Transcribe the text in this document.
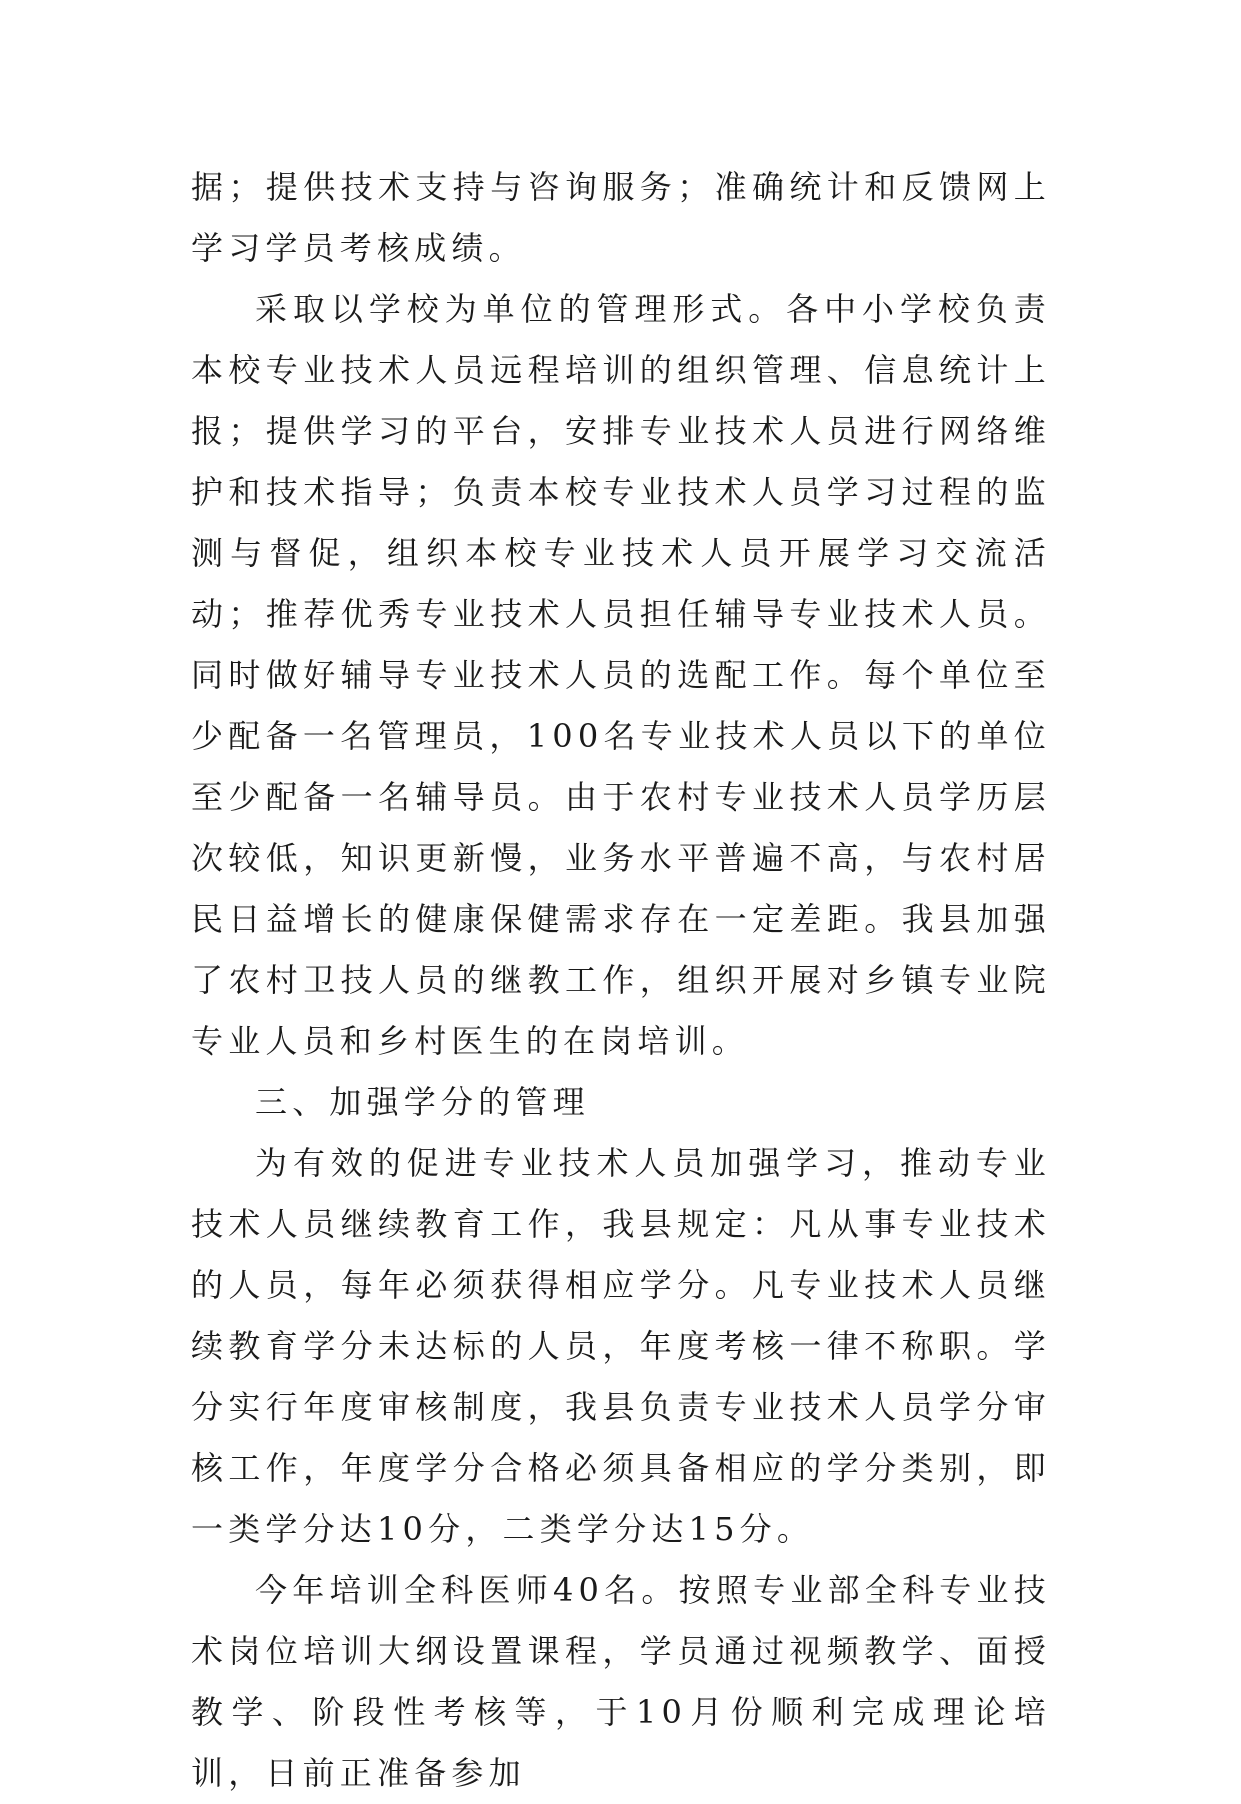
据；提供技术支持与咨询服务；准确统计和反馈网上学习学员考核成绩。

采取以学校为单位的管理形式。各中小学校负责本校专业技术人员远程培训的组织管理、信息统计上报；提供学习的平台，安排专业技术人员进行网络维护和技术指导；负责本校专业技术人员学习过程的监测与督促，组织本校专业技术人员开展学习交流活动；推荐优秀专业技术人员担任辅导专业技术人员。同时做好辅导专业技术人员的选配工作。每个单位至少配备一名管理员，100名专业技术人员以下的单位至少配备一名辅导员。由于农村专业技术人员学历层次较低，知识更新慢，业务水平普遍不高，与农村居民日益增长的健康保健需求存在一定差距。我县加强了农村卫技人员的继教工作，组织开展对乡镇专业院专业人员和乡村医生的在岗培训。

三、加强学分的管理

为有效的促进专业技术人员加强学习，推动专业技术人员继续教育工作，我县规定：凡从事专业技术的人员，每年必须获得相应学分。凡专业技术人员继续教育学分未达标的人员，年度考核一律不称职。学分实行年度审核制度，我县负责专业技术人员学分审核工作，年度学分合格必须具备相应的学分类别，即一类学分达10分，二类学分达15分。

今年培训全科医师40名。按照专业部全科专业技术岗位培训大纲设置课程，学员通过视频教学、面授教学、阶段性考核等，于10月份顺利完成理论培训，日前正准备参加
